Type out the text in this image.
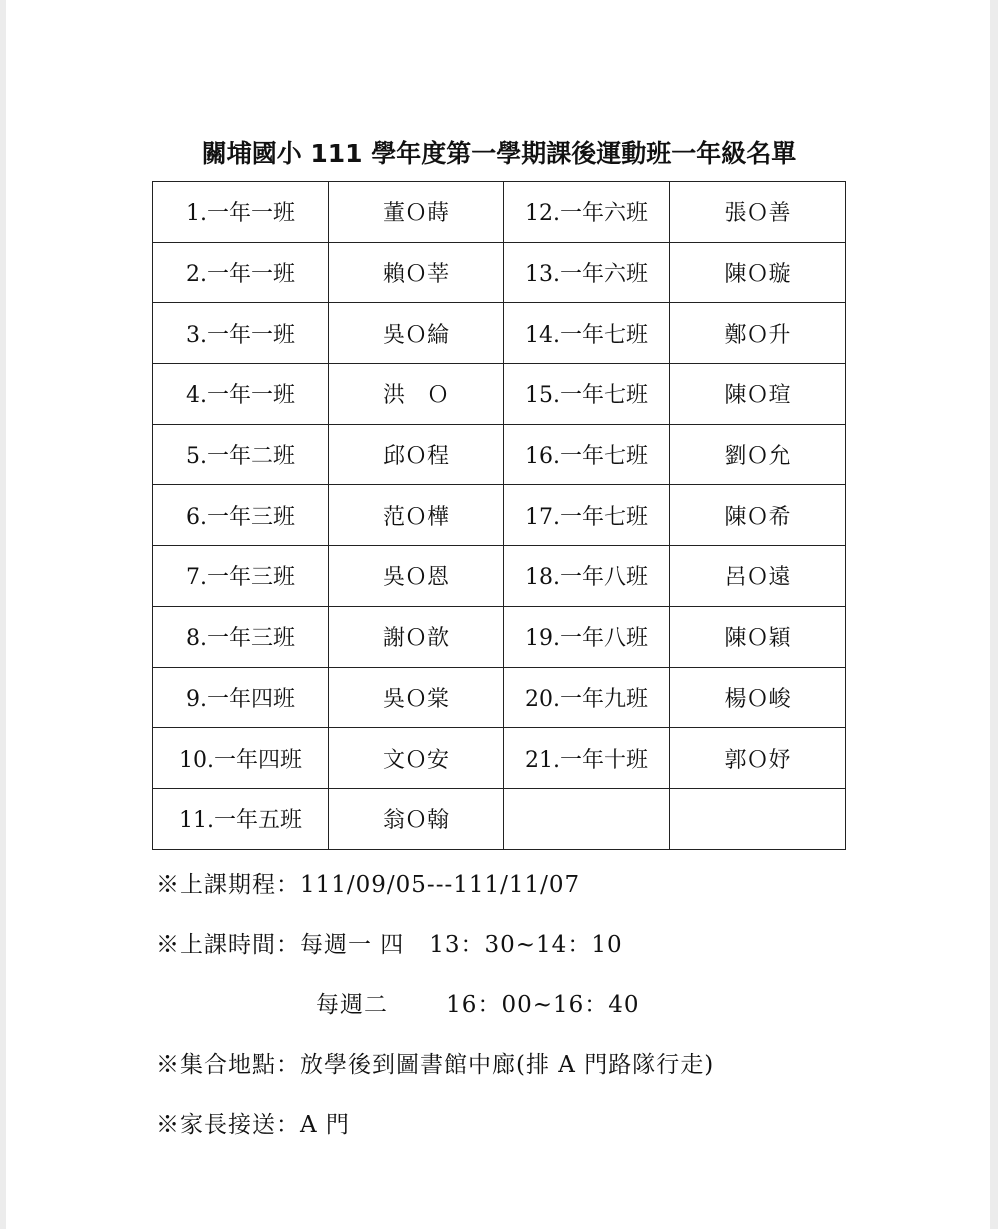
關埔國小 111 學年度第一學期課後運動班一年級名單
1.一年一班	董Ｏ蒔	12.一年六班	張Ｏ善
2.一年一班	賴Ｏ莘	13.一年六班	陳Ｏ璇
3.一年一班	吳Ｏ綸	14.一年七班	鄭Ｏ升
4.一年一班	洪　Ｏ	15.一年七班	陳Ｏ瑄
5.一年二班	邱Ｏ程	16.一年七班	劉Ｏ允
6.一年三班	范Ｏ樺	17.一年七班	陳Ｏ希
7.一年三班	吳Ｏ恩	18.一年八班	呂Ｏ遠
8.一年三班	謝Ｏ歆	19.一年八班	陳Ｏ穎
9.一年四班	吳Ｏ棠	20.一年九班	楊Ｏ峻
10.一年四班	文Ｏ安	21.一年十班	郭Ｏ妤
11.一年五班	翁Ｏ翰		
※上課期程：111/09/05---111/11/07
※上課時間：每週一 四   13：30~14：10
每週二       16：00~16：40
※集合地點：放學後到圖書館中廊(排 A 門路隊行走)
※家長接送：A 門
